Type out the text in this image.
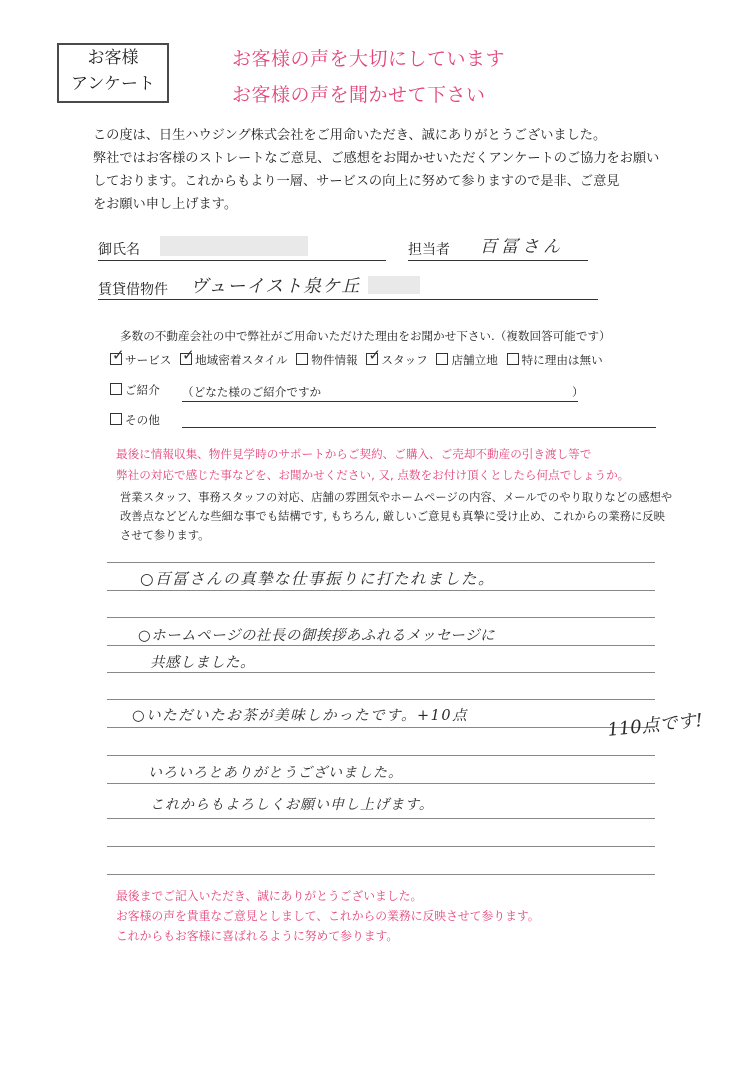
お客様
アンケート
お客様の声を大切にしています
お客様の声を聞かせて下さい
この度は、日生ハウジング株式会社をご用命いただき、誠にありがとうございました。
弊社ではお客様のストレートなご意見、ご感想をお聞かせいただくアンケートのご協力をお願い
しております。これからもより一層、サービスの向上に努めて参りますので是非、ご意見
をお願い申し上げます。
御氏名	担当者 百冨さん
賃貸借物件 ヴューイスト泉ケ丘
多数の不動産会社の中で弊社がご用命いただけた理由をお聞かせ下さい.（複数回答可能です）
✓ サービス ✓ 地域密着スタイル 物件情報 ✓ スタッフ 店舗立地 特に理由は無い
ご紹介 （どなた様のご紹介ですか	）
その他
最後に情報収集、物件見学時のサポートからご契約、ご購入、ご売却不動産の引き渡し等で
弊社の対応で感じた事などを、お聞かせください, 又, 点数をお付け頂くとしたら何点でしょうか。
営業スタッフ、事務スタッフの対応、店舗の雰囲気やホームページの内容、メールでのやり取りなどの感想や
改善点などどんな些細な事でも結構です, もちろん, 厳しいご意見も真摯に受け止め、これからの業務に反映
させて参ります。
○百冨さんの真摯な仕事振りに打たれました。
○ホームページの社長の御挨拶あふれるメッセージに
共感しました。
○いただいたお茶が美味しかったです。+10点	110点です!
いろいろとありがとうございました。
これからもよろしくお願い申し上げます。
最後までご記入いただき、誠にありがとうございました。
お客様の声を貴重なご意見としまして、これからの業務に反映させて参ります。
これからもお客様に喜ばれるように努めて参ります。
